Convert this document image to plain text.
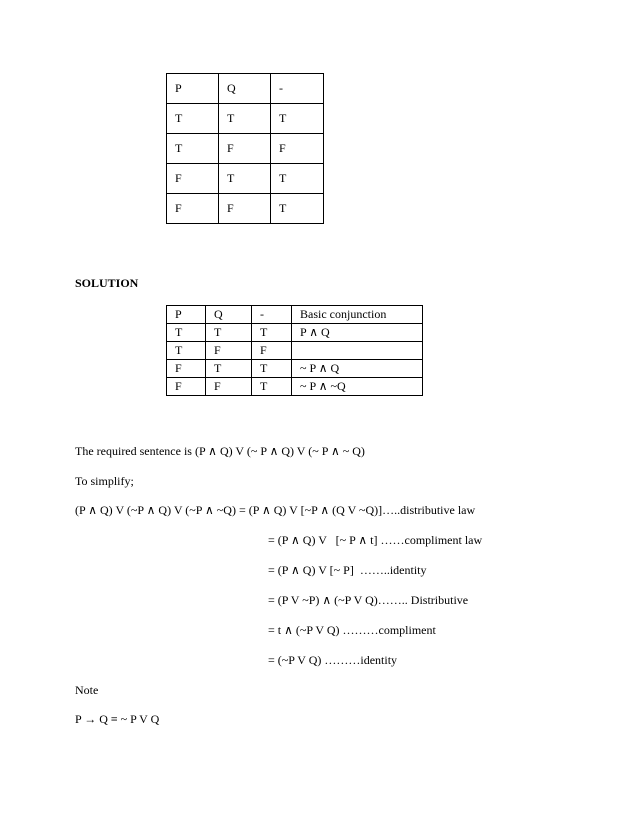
P	Q	-
T	T	T
T	F	F
F	T	T
F	F	T
SOLUTION
P	Q	-	Basic conjunction
T	T	T	P ∧ Q
T	F	F	
F	T	T	~ P ∧ Q
F	F	T	~ P ∧ ~Q
The required sentence is (P ∧ Q) V (~ P ∧ Q) V (~ P ∧ ~ Q)
To simplify;
(P ∧ Q) V (~P ∧ Q) V (~P ∧ ~Q) = (P ∧ Q) V [~P ∧ (Q V ~Q)]…..distributive law
= (P ∧ Q) V   [~ P ∧ t] ……compliment law
= (P ∧ Q) V [~ P]  ……..identity
= (P V ~P) ∧ (~P V Q)…….. Distributive
= t ∧ (~P V Q) ………compliment
= (~P V Q) ………identity
Note
P → Q ≡ ~ P V Q
